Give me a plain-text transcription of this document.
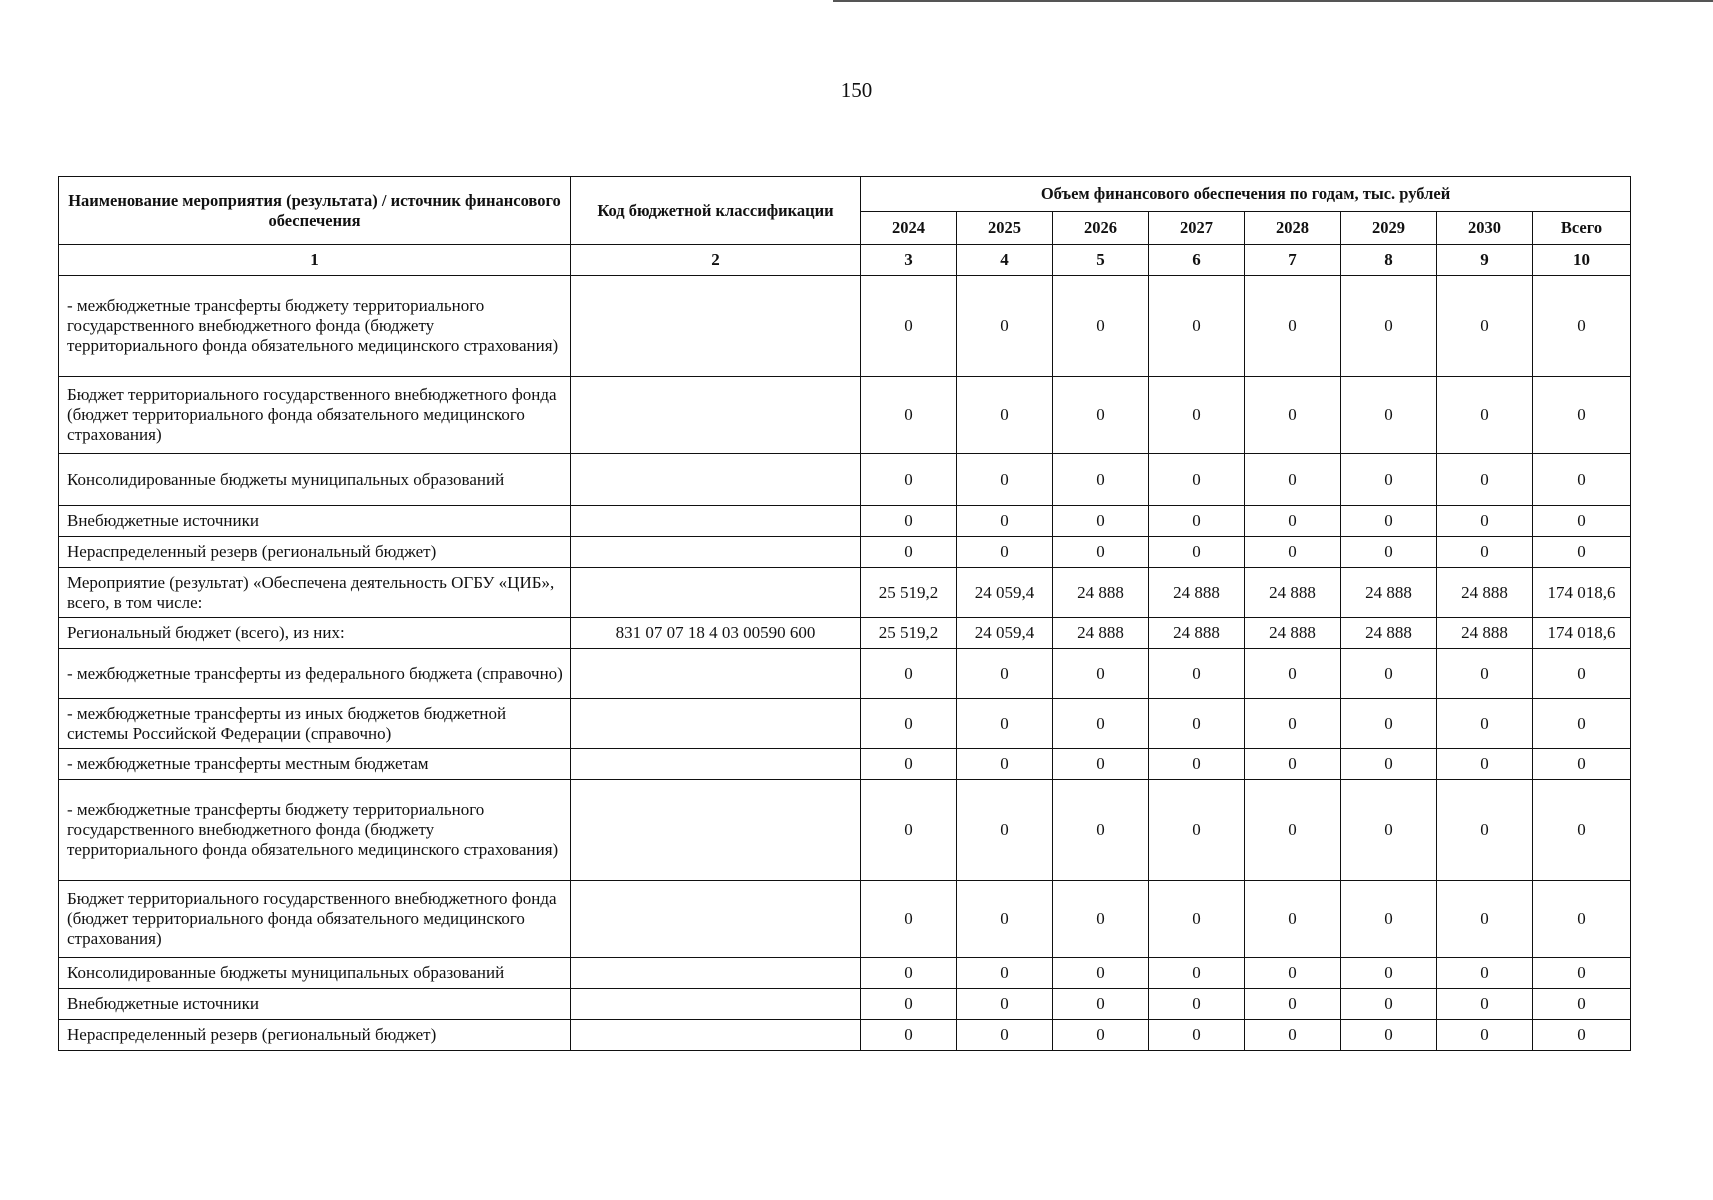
150
Наименование мероприятия (результата) / источник финансового обеспечения	Код бюджетной классификации	Объем финансового обеспечения по годам, тыс. рублей							
		2024	2025	2026	2027	2028	2029	2030	Всего
1	2	3	4	5	6	7	8	9	10
- межбюджетные трансферты бюджету территориального государственного внебюджетного фонда (бюджету территориального фонда обязательного медицинского страхования)		0	0	0	0	0	0	0	0
Бюджет территориального государственного внебюджетного фонда (бюджет территориального фонда обязательного медицинского страхования)		0	0	0	0	0	0	0	0
Консолидированные бюджеты муниципальных образований		0	0	0	0	0	0	0	0
Внебюджетные источники		0	0	0	0	0	0	0	0
Нераспределенный резерв (региональный бюджет)		0	0	0	0	0	0	0	0
Мероприятие (результат) «Обеспечена деятельность ОГБУ «ЦИБ», всего, в том числе:		25 519,2	24 059,4	24 888	24 888	24 888	24 888	24 888	174 018,6
Региональный бюджет (всего), из них:	831 07 07 18 4 03 00590 600	25 519,2	24 059,4	24 888	24 888	24 888	24 888	24 888	174 018,6
- межбюджетные трансферты из федерального бюджета (справочно)		0	0	0	0	0	0	0	0
- межбюджетные трансферты из иных бюджетов бюджетной системы Российской Федерации (справочно)		0	0	0	0	0	0	0	0
- межбюджетные трансферты местным бюджетам		0	0	0	0	0	0	0	0
- межбюджетные трансферты бюджету территориального государственного внебюджетного фонда (бюджету территориального фонда обязательного медицинского страхования)		0	0	0	0	0	0	0	0
Бюджет территориального государственного внебюджетного фонда (бюджет территориального фонда обязательного медицинского страхования)		0	0	0	0	0	0	0	0
Консолидированные бюджеты муниципальных образований		0	0	0	0	0	0	0	0
Внебюджетные источники		0	0	0	0	0	0	0	0
Нераспределенный резерв (региональный бюджет)		0	0	0	0	0	0	0	0
